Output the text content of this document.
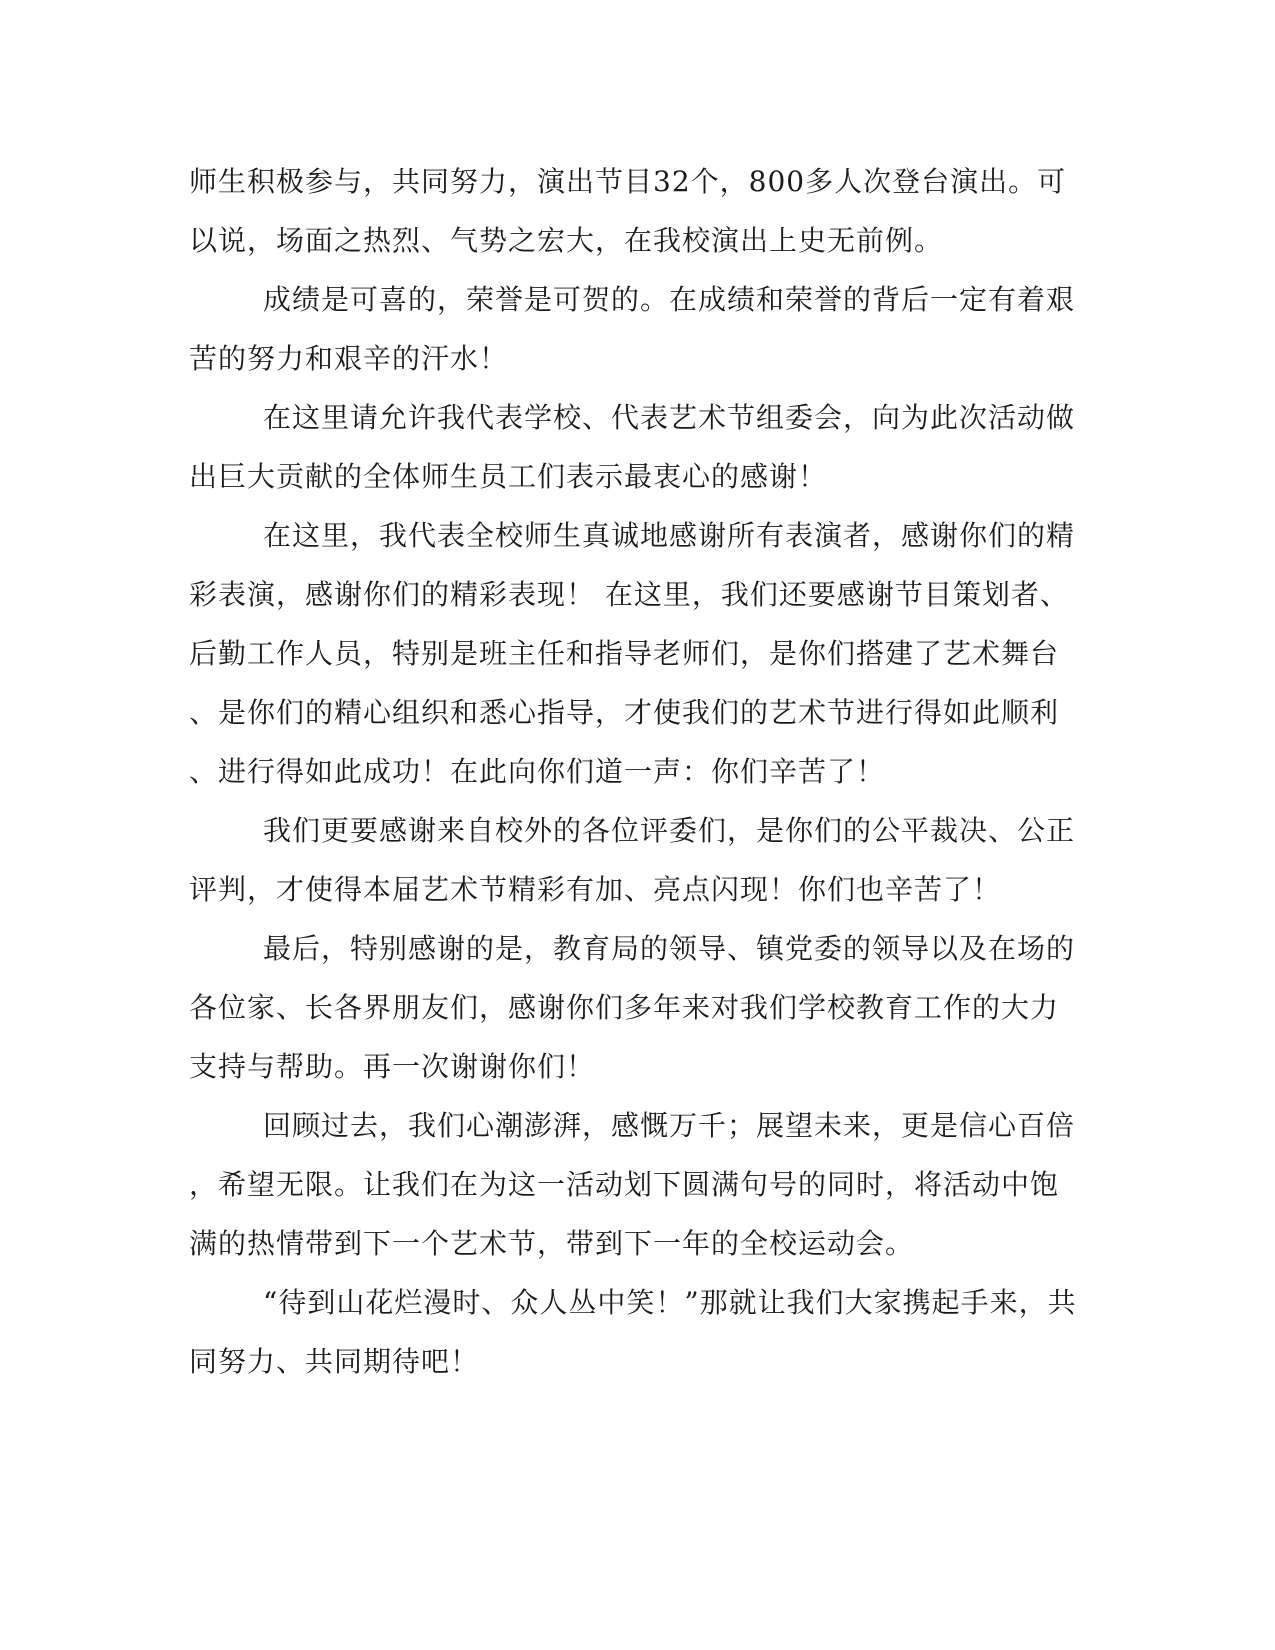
师生积极参与，共同努力，演出节目32个，800多人次登台演出。可
以说，场面之热烈、气势之宏大，在我校演出上史无前例。
成绩是可喜的，荣誉是可贺的。在成绩和荣誉的背后一定有着艰
苦的努力和艰辛的汗水！
在这里请允许我代表学校、代表艺术节组委会，向为此次活动做
出巨大贡献的全体师生员工们表示最衷心的感谢！
在这里，我代表全校师生真诚地感谢所有表演者，感谢你们的精
彩表演，感谢你们的精彩表现！ 在这里，我们还要感谢节目策划者、
后勤工作人员，特别是班主任和指导老师们，是你们搭建了艺术舞台
、是你们的精心组织和悉心指导，才使我们的艺术节进行得如此顺利
、进行得如此成功！在此向你们道一声：你们辛苦了！
我们更要感谢来自校外的各位评委们，是你们的公平裁决、公正
评判，才使得本届艺术节精彩有加、亮点闪现！你们也辛苦了！
最后，特别感谢的是，教育局的领导、镇党委的领导以及在场的
各位家、长各界朋友们，感谢你们多年来对我们学校教育工作的大力
支持与帮助。再一次谢谢你们！
回顾过去，我们心潮澎湃，感慨万千；展望未来，更是信心百倍
，希望无限。让我们在为这一活动划下圆满句号的同时，将活动中饱
满的热情带到下一个艺术节，带到下一年的全校运动会。
“待到山花烂漫时、众人丛中笑！”那就让我们大家携起手来，共
同努力、共同期待吧！
